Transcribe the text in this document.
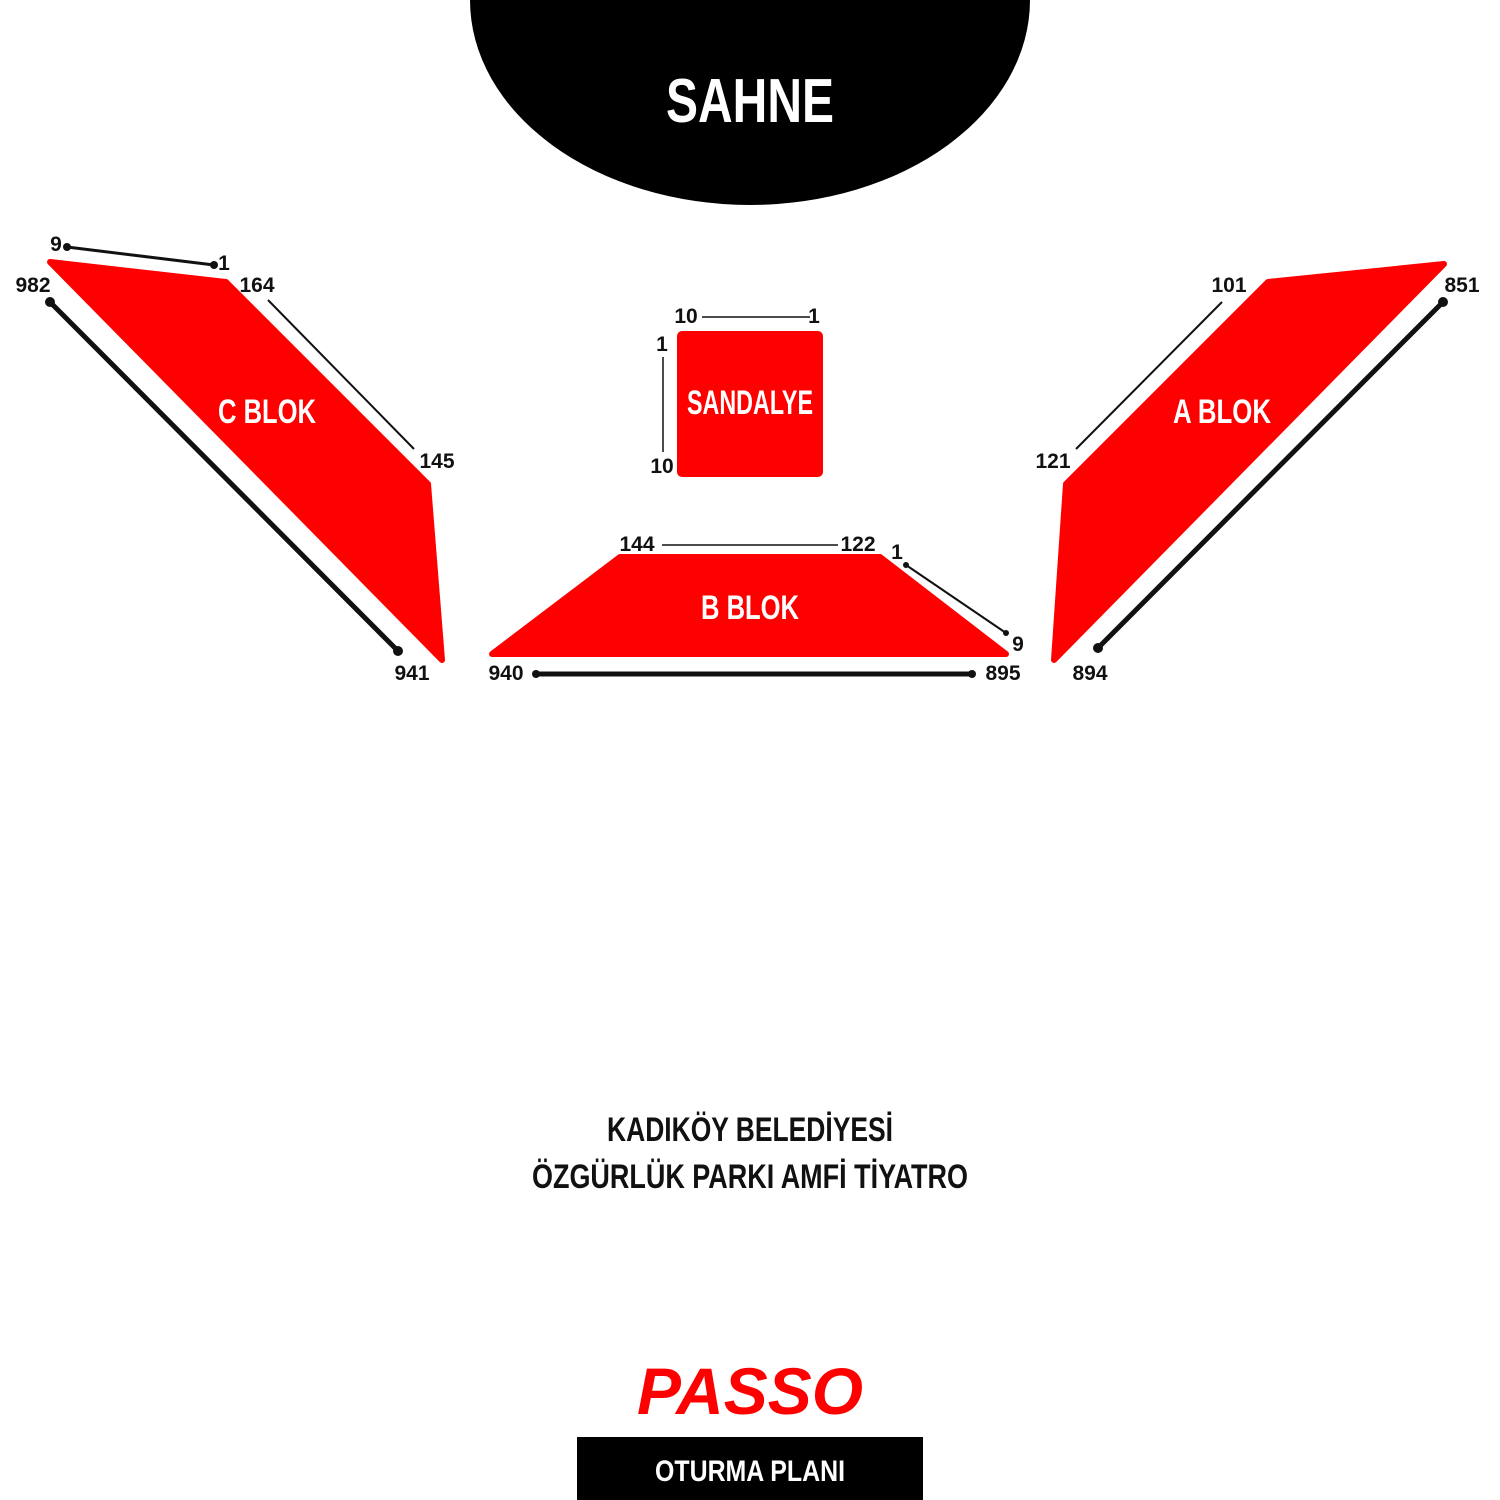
SAHNE
C BLOK
9
1
982	164
145
941
SANDALYE
10	1
1
10
B BLOK
144	122 1
9
940	895
A BLOK
101	851
121
894
KADIKÖY BELEDİYESİ
ÖZGÜRLÜK PARKI AMFİ TİYATRO
PASSO
OTURMA PLANI
